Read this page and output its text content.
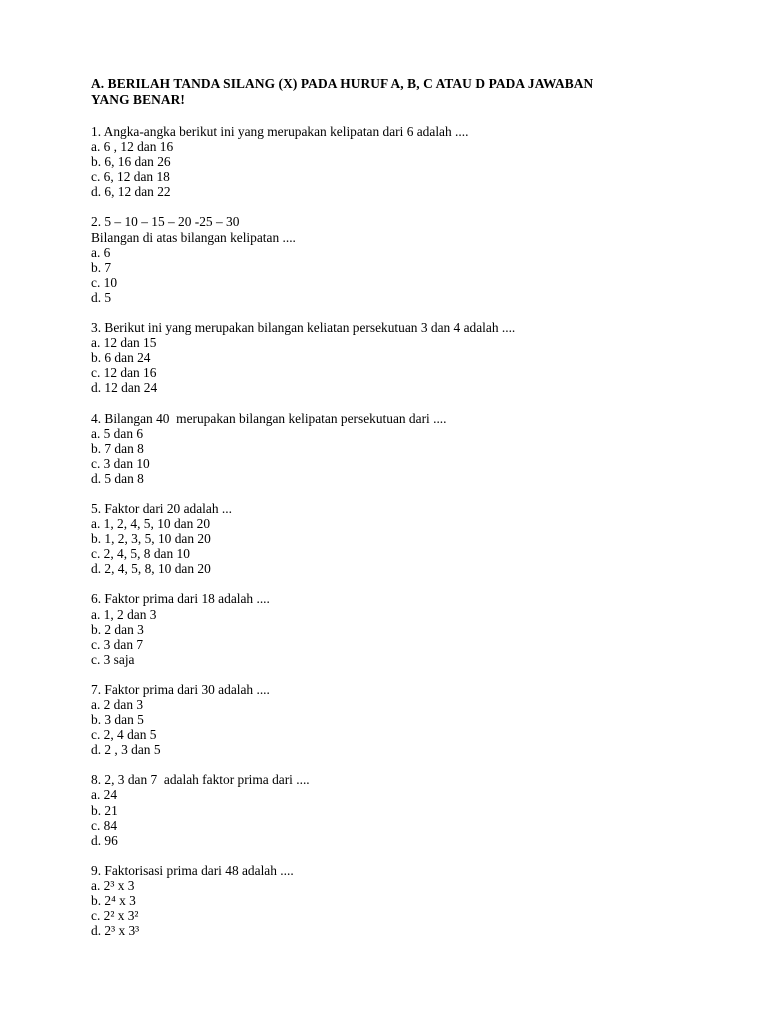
A. BERILAH TANDA SILANG (X) PADA HURUF A, B, C ATAU D PADA JAWABAN
YANG BENAR!
1. Angka-angka berikut ini yang merupakan kelipatan dari 6 adalah ....
a. 6 , 12 dan 16
b. 6, 16 dan 26
c. 6, 12 dan 18
d. 6, 12 dan 22
2. 5 – 10 – 15 – 20 -25 – 30
Bilangan di atas bilangan kelipatan ....
a. 6
b. 7
c. 10
d. 5
3. Berikut ini yang merupakan bilangan keliatan persekutuan 3 dan 4 adalah ....
a. 12 dan 15
b. 6 dan 24
c. 12 dan 16
d. 12 dan 24
4. Bilangan 40  merupakan bilangan kelipatan persekutuan dari ....
a. 5 dan 6
b. 7 dan 8
c. 3 dan 10
d. 5 dan 8
5. Faktor dari 20 adalah ...
a. 1, 2, 4, 5, 10 dan 20
b. 1, 2, 3, 5, 10 dan 20
c. 2, 4, 5, 8 dan 10
d. 2, 4, 5, 8, 10 dan 20
6. Faktor prima dari 18 adalah ....
a. 1, 2 dan 3
b. 2 dan 3
c. 3 dan 7
c. 3 saja
7. Faktor prima dari 30 adalah ....
a. 2 dan 3
b. 3 dan 5
c. 2, 4 dan 5
d. 2 , 3 dan 5
8. 2, 3 dan 7  adalah faktor prima dari ....
a. 24
b. 21
c. 84
d. 96
9. Faktorisasi prima dari 48 adalah ....
a. 2³ x 3
b. 2⁴ x 3
c. 2² x 3²
d. 2³ x 3³
